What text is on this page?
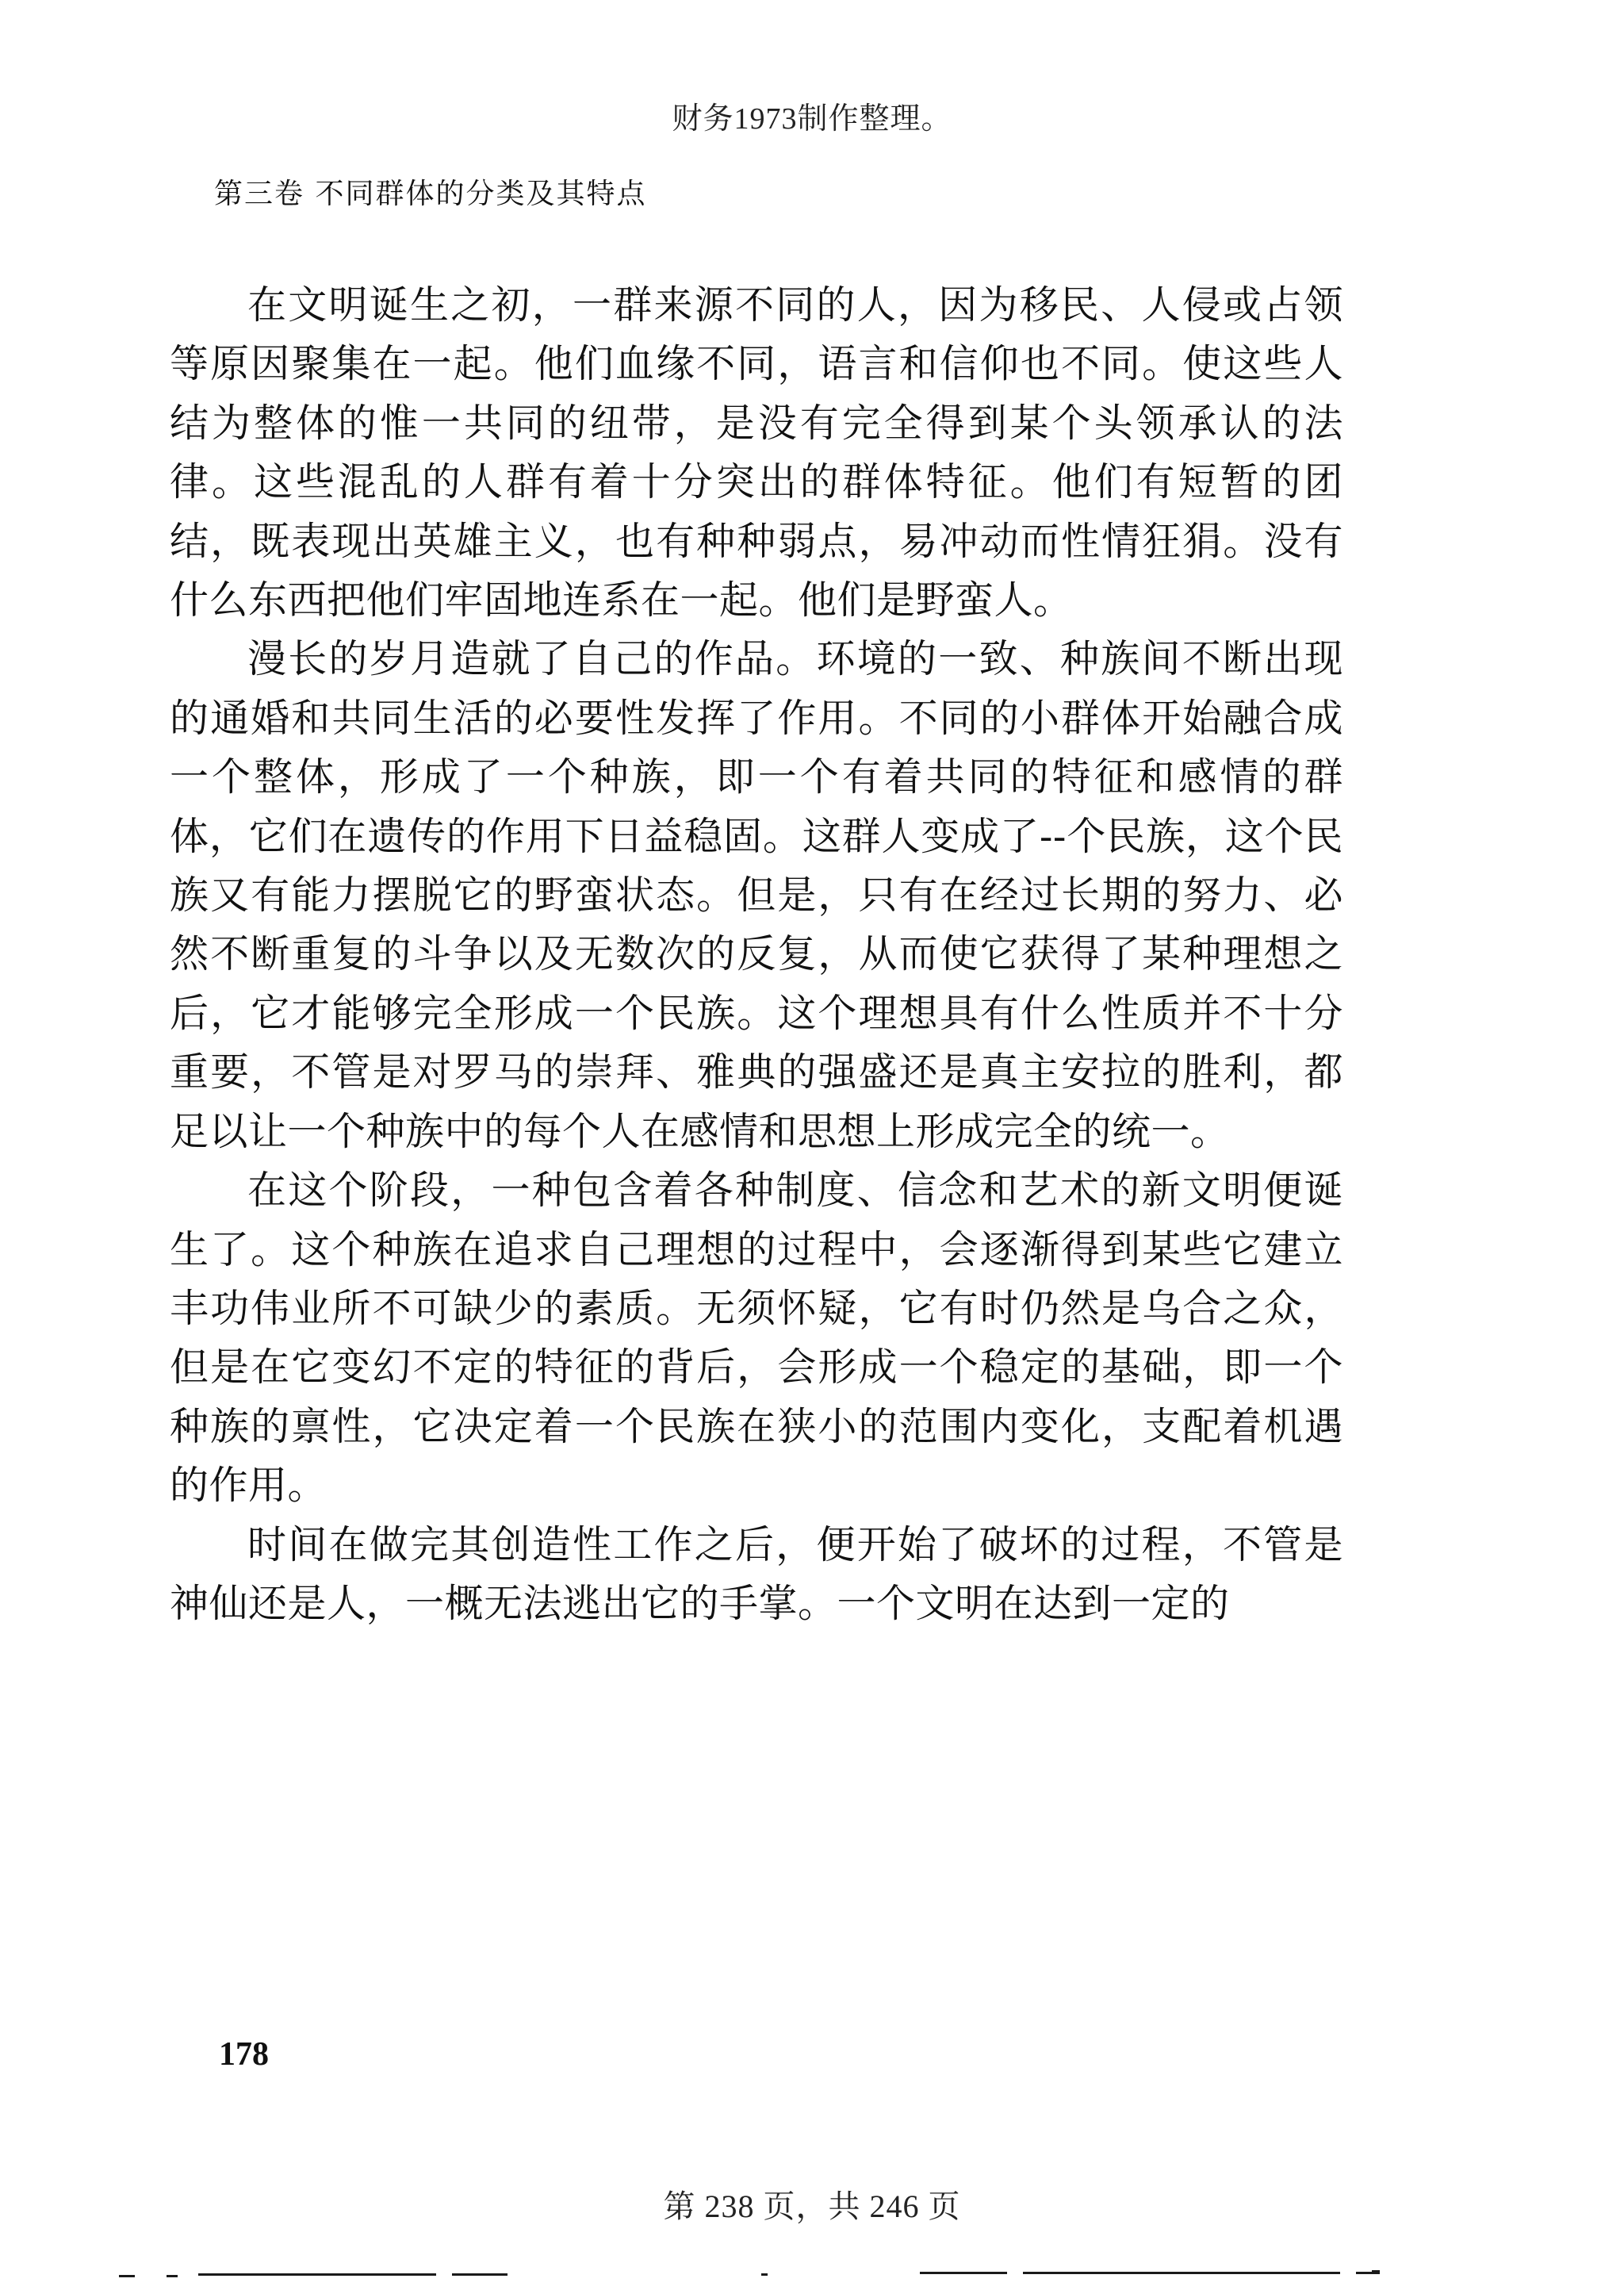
财务1973制作整理。
第三卷 不同群体的分类及其特点

在文明诞生之初，一群来源不同的人，因为移民、人侵或占领等原因聚集在一起。他们血缘不同，语言和信仰也不同。使这些人结为整体的惟一共同的纽带，是没有完全得到某个头领承认的法律。这些混乱的人群有着十分突出的群体特征。他们有短暂的团结，既表现出英雄主义，也有种种弱点，易冲动而性情狂狷。没有什么东西把他们牢固地连系在一起。他们是野蛮人。

漫长的岁月造就了自己的作品。环境的一致、种族间不断出现的通婚和共同生活的必要性发挥了作用。不同的小群体开始融合成一个整体，形成了一个种族，即一个有着共同的特征和感情的群体，它们在遗传的作用下日益稳固。这群人变成了--个民族，这个民族又有能力摆脱它的野蛮状态。但是，只有在经过长期的努力、必然不断重复的斗争以及无数次的反复，从而使它获得了某种理想之后，它才能够完全形成一个民族。这个理想具有什么性质并不十分重要，不管是对罗马的崇拜、雅典的强盛还是真主安拉的胜利，都足以让一个种族中的每个人在感情和思想上形成完全的统一。

在这个阶段，一种包含着各种制度、信念和艺术的新文明便诞生了。这个种族在追求自己理想的过程中，会逐渐得到某些它建立丰功伟业所不可缺少的素质。无须怀疑，它有时仍然是乌合之众，但是在它变幻不定的特征的背后，会形成一个稳定的基础，即一个种族的禀性，它决定着一个民族在狭小的范围内变化，支配着机遇的作用。

时间在做完其创造性工作之后，便开始了破坏的过程，不管是神仙还是人，一概无法逃出它的手掌。一个文明在达到一定的

178
第 238 页，共 246 页
